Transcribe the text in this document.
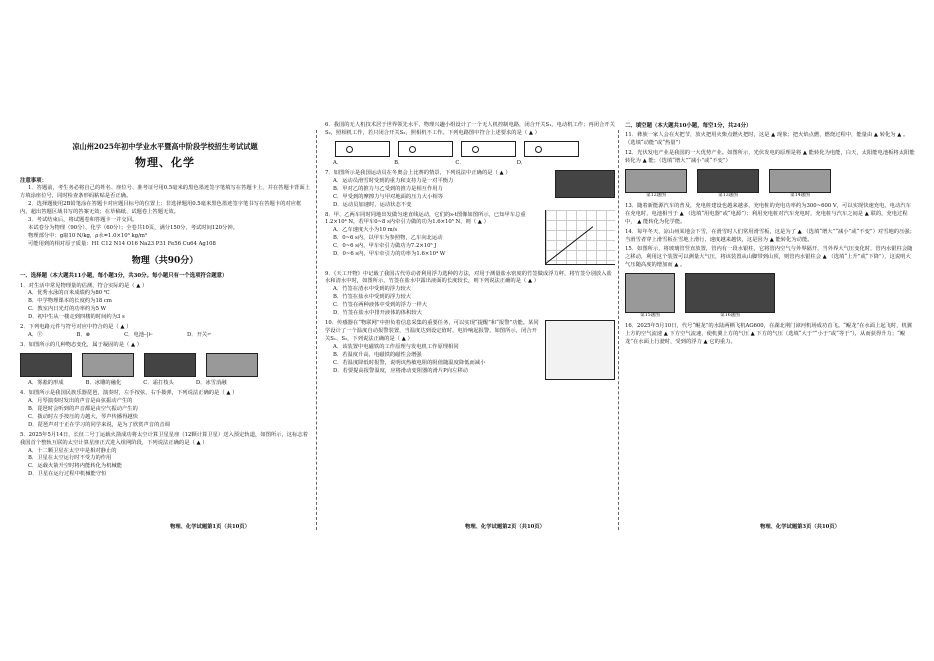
凉山州2025年初中学业水平暨高中阶段学校招生考试试题
物理、化学
注意事项：
1．答题前，考生务必将自己的姓名、座位号、准考证号用0.5毫米的黑色墨迹签字笔填写在答题卡上，并在答题卡背面上方填涂座位号，同时检查条形码粘贴是否正确。
2．选择题使用2B铅笔涂在答题卡对应题目标号的位置上；非选择题用0.5毫米黑色墨迹签字笔书写在答题卡的对应框内，超出答题区域书写的答案无效；在草稿纸、试题卷上答题无效。
3．考试结束后，将试题卷和答题卡一并交回。
本试卷分为物理（90分）、化学（60分）；全卷共10页，满分150分，考试时间120分钟。
物理部分中：g取10 N/kg，ρ水=1.0×10³ kg/m³
可能用到的相对原子质量：H1 C12 N14 O16 Na23 P31 Fe56 Cu64 Ag108
物理（共90分）
一、选择题（本大题共11小题，每小题3分，共30分。每小题只有一个选项符合题意）
1．对生活中常见物理量的估测，符合实际的是（ ▲ ）
A．优秀水泳的百米成绩约为80 ℃
B．中学物理课本的长度约为18 cm
C．教室内日光灯的功率约为5 W
D．初中生从一楼走到四楼的时间约为3 s
2．下列电路元件与符号对应中符合的是（ ▲ ）
A．Ⓥ	B．⊗	C．电池–|⊢	D．开关⌐
3．如图所示的几种物态变化，属于凝固的是（ ▲ ）
A．雾凇的形成	B．冰雕的融化	C．霜打枝头	D．冰雪消融
4．如图所示是我国民族乐器琵琶，演奏时，左手按弦，右手拨弹，下列说法正确的是（ ▲ ）
A．月琴演奏时发出的声音是由弦振动产生的
B．琵琶时会听到的声音都是由空气振动产生的
C．拨动时左手按压的力越大，琴声传播得越快
D．琵琶声对于正在学习的同学来说，是为了欣赏声音的音调
5．2025年5月14日，长征二号丁运载火箭成功将太空计算卫星星座（12颗计算卫星）送入预定轨道，如图所示，这标志着我国首个整轨互联的太空计算星座正式进入组网阶段，下列说法正确的是（ ▲ ）
A．十二颗卫星在太空中是相对静止的
B．卫星在太空运行时不受力的作用
C．运载火箭升空时将内能转化为机械能
D．卫星在运行过程中机械能守恒
6．我国的无人机技术居于世界领先水平，物理兴趣小组设计了一个无人机控制电路，闭合开关S₁，电动机工作；再闭合开关S₂，照相机工作，若只闭合开关S₂，照相机不工作。下列电路图中符合上述要求的是（ ▲ ）
A．	B．	C．	D．
7．如图所示是我国运动员在冬奥会上比赛的情景，下列说法中正确的是（ ▲ ）
A．运动员滑雪时受到的重力和支持力是一对平衡力
B．甲对乙的推力与乙受到的推力是相互作用力
C．甲受到的摩擦力与甲对地面的压力大小相等
D．运动员加速时，运动状态不变
8．甲、乙两车同时同地出发做匀速直线运动，它们的s-t图像如图所示，已知甲车总重1.2×10⁴ N，若甲车0~8 s内牵引力做的功为1.6×10⁵ N，则（ ▲ ）
A．乙车速度大小为10 m/s
B．0~6 s内，以甲车为参照物，乙车向北运动
C．0~6 s内，甲车牵引力做功为7.2×10⁵ J
D．0~6 s内，甲车牵引力的功率为1.6×10⁴ W
9．《天工开物》中记载了我国古代劳动者利用浮力选种的方法，对用于测量盐水密度的竹签做成浮力秤，将竹签分别放入盐水和清水中时，如图所示，竹签在盐水中露出液面的长度较长，则下列说法正确的是（ ▲ ）
A．竹签在清水中受到的浮力较大
B．竹签在盐水中受到的浮力较大
C．竹签在两种液体中受到的浮力一样大
D．竹签在盐水中排开液体的体积较大
10．传感器在“物联网”中担负着信息采集的重要任务，可以实现“提醒”和“报警”功能。某同学设计了一个温度自动报警装置，当温度达到设定值时，电铃响起报警，如图所示，闭合开关S₁、S₂，下列说法正确的是（ ▲ ）
A．该装置中电磁铁的工作原理与发电机工作原理相同
B．若温度升高，电磁铁的磁性会增强
C．若温度降低时报警，说明该热敏电阻的阻值随温度降低而减小
D．若要提高报警温度，应将滑动变阻器的滑片P向左移动
二、填空题（本大题共10小题，每空1分，共24分）
11．彝族一家人会在火把节，放火把用火柴点燃火把时，这是 ▲ 现象；把火焰点燃，燃烧过程中，能量由 ▲ 转化为 ▲ 。（选填“动能”或“热量”）
12．光伏发电产业是我国的一大优势产业。如图所示，光伏发电的原理是将 ▲ 能转化为电能，白天，太阳能电池板将太阳能转化为 ▲ 能；（选填“增大”“减小”或“不变”）
第12题图	第13题图	第14题图
13．随着新能源汽车的普及，充电桩建设也越来越多，充电桩的充电功率约为300~600 V，可以实现快速充电，电动汽车在充电时，电池相当于 ▲ （选填“用电器”或“电源”）；利用充电桩对汽车充电时，充电桩与汽车之间是 ▲ 联的，充电过程中， ▲ 能转化为化学能。
14．每年冬天，凉山州某地会下雪，在滑雪时人们常用滑雪板，这是为了 ▲ （选填“增大”“减小”或“不变”）对雪地的压强；当滑雪者穿上滑雪板在雪地上滑行，速度越来越快，这是因为 ▲ 能转化为动能。
15．如图所示，将玻璃管竖直放置，管内有一段水银柱，它将管内空气与外界隔开，当外界大气压变化时，管内水银柱会随之移动，利用这个装置可以测量大气压，将该装置从山脚带到山顶，则管内水银柱会 ▲ （选填“上升”或“下降”），这说明大气压随高度的增加而 ▲ 。
第15题图	第16题图
16．2025年5月10日，代号“鲲龙”的水陆两栖飞机AG600，在湖北荆门漳河机场成功首飞。“鲲龙”在水面上起飞时，机翼上方的空气流速 ▲ 下方空气流速，使机翼上方的气压 ▲ 下方的气压（选填“大于”“小于”或“等于”），从而获得升力；“鲲龙”在水面上行驶时，受到的浮力 ▲ 它的重力。
物理、化学试题第1页（共10页）	物理、化学试题第2页（共10页）	物理、化学试题第3页（共10页）
